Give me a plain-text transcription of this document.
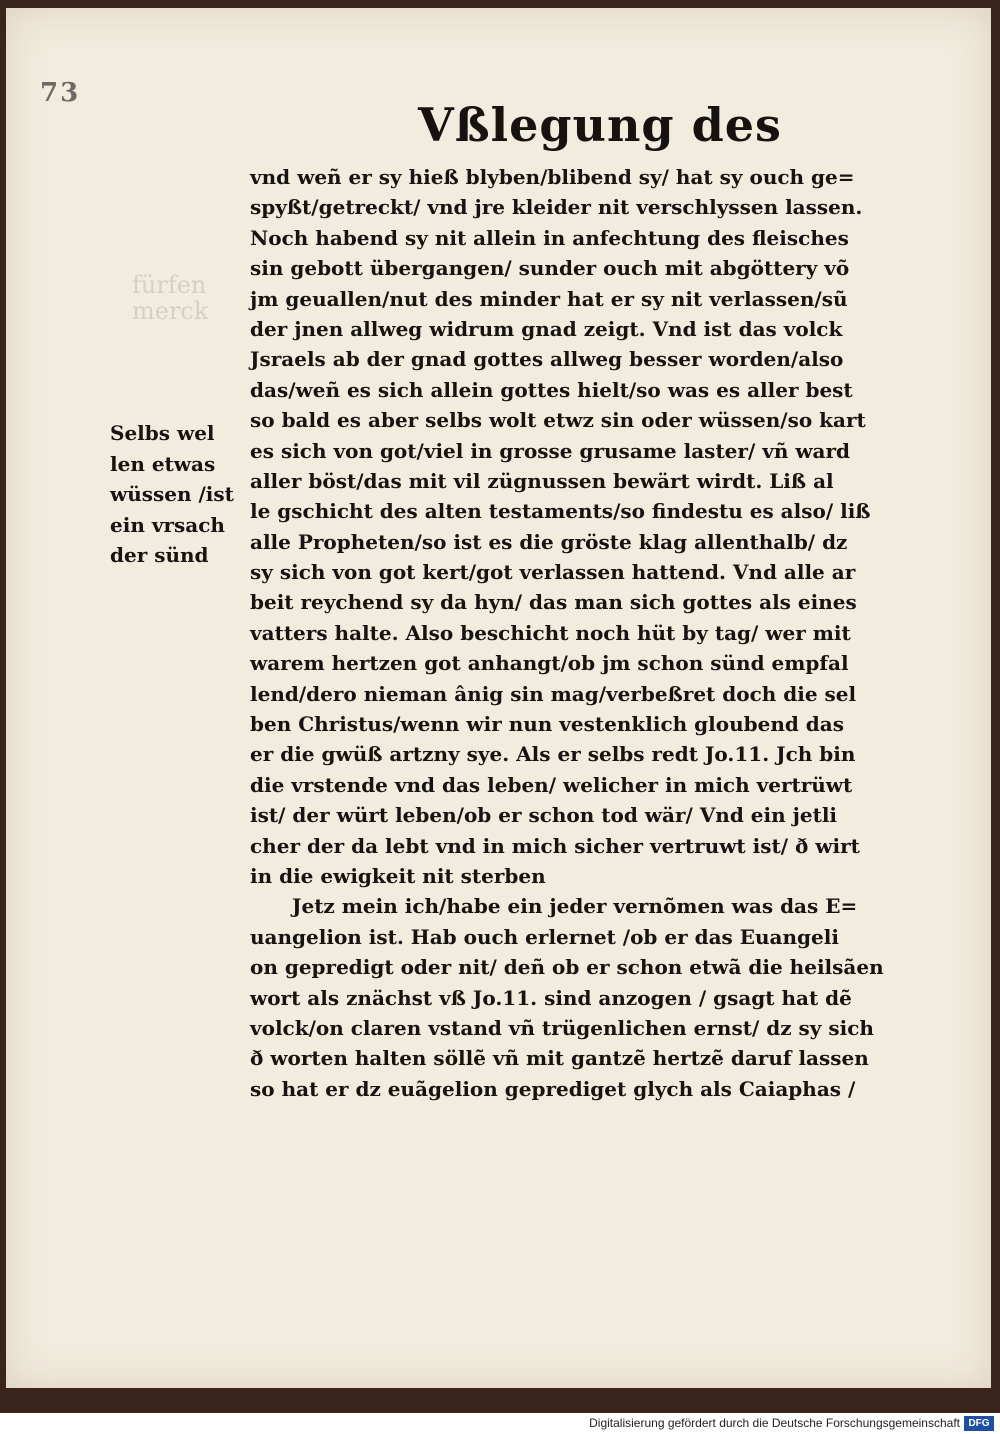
73
fürfen
merck
Vßlegung des
Selbs wel
len etwas
wüssen /ist
ein vrsach
der sünd
vnd weñ er sy hieß blyben/blibend sy/ hat sy ouch ge=
spyßt/getreckt/ vnd jre kleider nit verschlyssen lassen.
Noch habend sy nit allein in anfechtung des fleisches
sin gebott übergangen/ sunder ouch mit abgöttery võ
jm geuallen/nut des minder hat er sy nit verlassen/sũ
der jnen allweg widrum gnad zeigt. Vnd ist das volck
Jsraels ab der gnad gottes allweg besser worden/also
das/weñ es sich allein gottes hielt/so was es aller best
so bald es aber selbs wolt etwz sin oder wüssen/so kart
es sich von got/viel in grosse grusame laster/ vñ ward
aller böst/das mit vil zügnussen bewärt wirdt. Liß al
le gschicht des alten testaments/so findestu es also/ liß
alle Propheten/so ist es die gröste klag allenthalb/ dz
sy sich von got kert/got verlassen hattend. Vnd alle ar
beit reychend sy da hyn/ das man sich gottes als eines
vatters halte. Also beschicht noch hüt by tag/ wer mit
warem hertzen got anhangt/ob jm schon sünd empfal
lend/dero nieman ânig sin mag/verbeßret doch die sel
ben Christus/wenn wir nun vestenklich gloubend das
er die gwüß artzny sye. Als er selbs redt Jo.11. Jch bin
die vrstende vnd das leben/ welicher in mich vertrüwt
ist/ der würt leben/ob er schon tod wär/ Vnd ein jetli
cher der da lebt vnd in mich sicher vertruwt ist/ ð wirt
in die ewigkeit nit sterben
Jetz mein ich/habe ein jeder vernõmen was das E=
uangelion ist. Hab ouch erlernet /ob er das Euangeli
on gepredigt oder nit/ deñ ob er schon etwã die heilsãen
wort als znächst vß Jo.11. sind anzogen / gsagt hat dẽ
volck/on claren vstand vñ trügenlichen ernst/ dz sy sich
ð worten halten söllẽ vñ mit gantzẽ hertzẽ daruf lassen
so hat er dz euãgelion geprediget glych als Caiaphas /
Digitalisierung gefördert durch die Deutsche Forschungsgemeinschaft DFG
